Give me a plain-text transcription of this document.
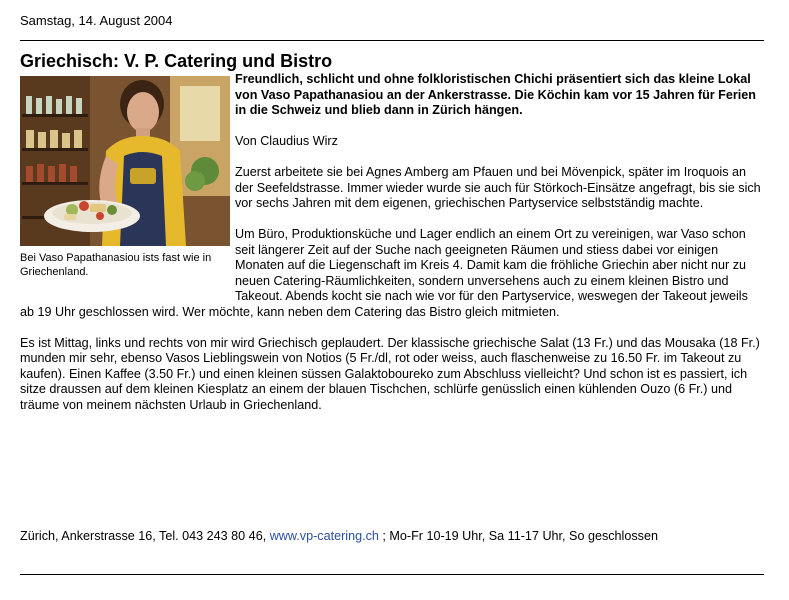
Samstag, 14. August 2004
Griechisch: V. P. Catering und Bistro

Bei Vaso Papathanasiou ists fast wie in Griechenland.

Freundlich, schlicht und ohne folkloristischen Chichi präsentiert sich das kleine Lokal von Vaso Papathanasiou an der Ankerstrasse. Die Köchin kam vor 15 Jahren für Ferien in die Schweiz und blieb dann in Zürich hängen.

Von Claudius Wirz

Zuerst arbeitete sie bei Agnes Amberg am Pfauen und bei Mövenpick, später im Iroquois an der Seefeldstrasse. Immer wieder wurde sie auch für Störkoch-Einsätze angefragt, bis sie sich vor sechs Jahren mit dem eigenen, griechischen Partyservice selbstständig machte.

Um Büro, Produktionsküche und Lager endlich an einem Ort zu vereinigen, war Vaso schon seit längerer Zeit auf der Suche nach geeigneten Räumen und stiess dabei vor einigen Monaten auf die Liegenschaft im Kreis 4. Damit kam die fröhliche Griechin aber nicht nur zu neuen Catering-Räumlichkeiten, sondern unversehens auch zu einem kleinen Bistro und Takeout. Abends kocht sie nach wie vor für den Partyservice, weswegen der Takeout jeweils ab 19 Uhr geschlossen wird. Wer möchte, kann neben dem Catering das Bistro gleich mitmieten.

Es ist Mittag, links und rechts von mir wird Griechisch geplaudert. Der klassische griechische Salat (13 Fr.) und das Mousaka (18 Fr.) munden mir sehr, ebenso Vasos Lieblingswein von Notios (5 Fr./dl, rot oder weiss, auch flaschenweise zu 16.50 Fr. im Takeout zu kaufen). Einen Kaffee (3.50 Fr.) und einen kleinen süssen Galaktoboureko zum Abschluss vielleicht? Und schon ist es passiert, ich sitze draussen auf dem kleinen Kiesplatz an einem der blauen Tischchen, schlürfe genüsslich einen kühlenden Ouzo (6 Fr.) und träume von meinem nächsten Urlaub in Griechenland.

Zürich, Ankerstrasse 16, Tel. 043 243 80 46, www.vp-catering.ch ; Mo-Fr 10-19 Uhr, Sa 11-17 Uhr, So geschlossen
